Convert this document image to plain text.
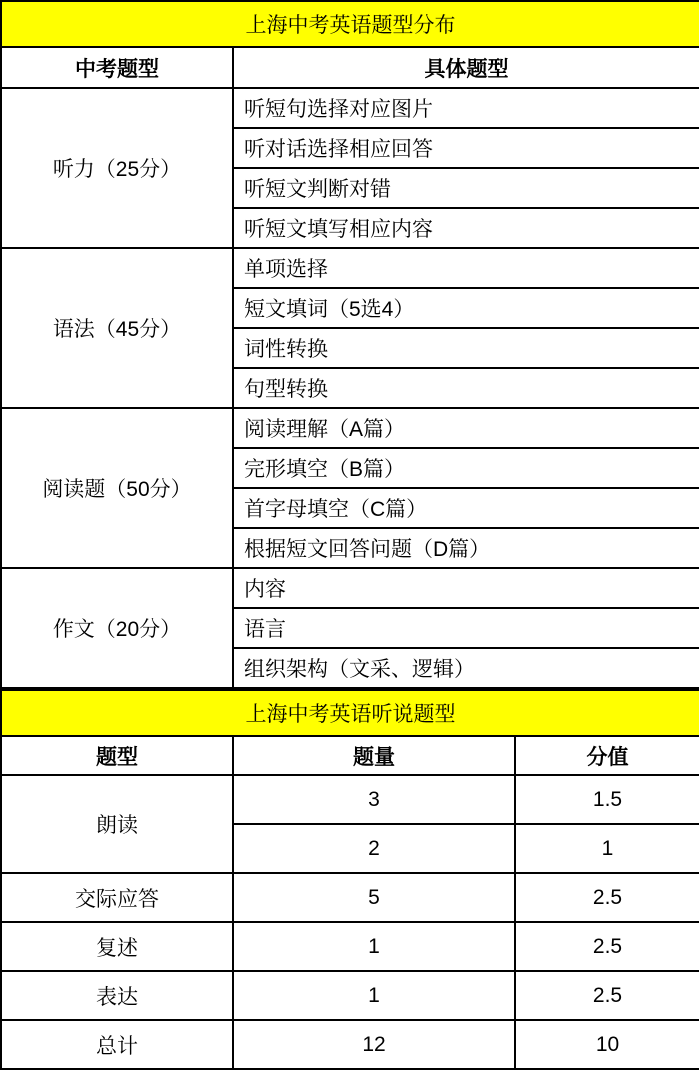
上海中考英语题型分布	
中考题型	具体题型
听力（25分）	听短句选择对应图片
	听对话选择相应回答
	听短文判断对错
	听短文填写相应内容
语法（45分）	单项选择
	短文填词（5选4）
	词性转换
	句型转换
阅读题（50分）	阅读理解（A篇）
	完形填空（B篇）
	首字母填空（C篇）
	根据短文回答问题（D篇）
作文（20分）	内容
	语言
	组织架构（文采、逻辑）
上海中考英语听说题型		
题型	题量	分值
朗读	3	1.5
	2	1
交际应答	5	2.5
复述	1	2.5
表达	1	2.5
总计	12	10
